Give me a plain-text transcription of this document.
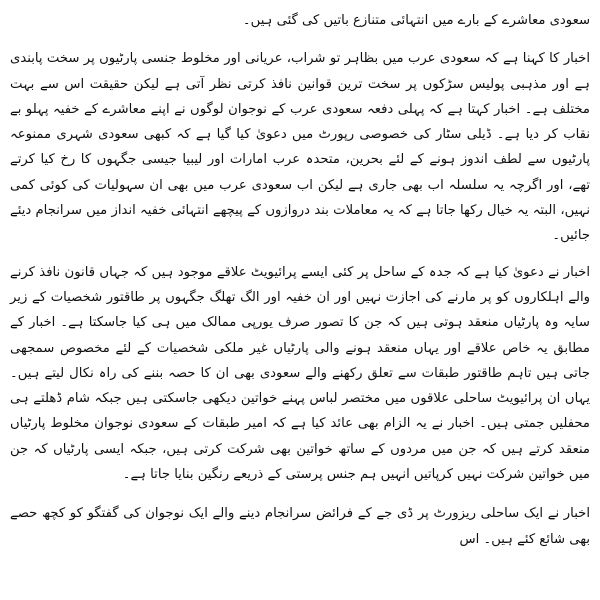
سعودی معاشرے کے بارے میں انتہائی متنازع باتیں کی گئی ہیں۔

اخبار کا کہنا ہے کہ سعودی عرب میں بظاہر تو شراب، عریانی اور مخلوط جنسی پارٹیوں پر سخت پابندی ہے اور مذہبی پولیس سڑکوں پر سخت ترین قوانین نافذ کرتی نظر آتی ہے لیکن حقیقت اس سے بہت مختلف ہے۔ اخبار کہتا ہے کہ پہلی دفعہ سعودی عرب کے نوجوان لوگوں نے اپنے معاشرے کے خفیہ پہلو بے نقاب کر دیا ہے۔ ڈیلی سٹار کی خصوصی رپورٹ میں دعویٰ کیا گیا ہے کہ کبھی سعودی شہری ممنوعہ پارٹیوں سے لطف اندوز ہونے کے لئے بحرین، متحدہ عرب امارات اور لیبیا جیسی جگہوں کا رخ کیا کرتے تھے، اور اگرچہ یہ سلسلہ اب بھی جاری ہے لیکن اب سعودی عرب میں بھی ان سہولیات کی کوئی کمی نہیں، البتہ یہ خیال رکھا جاتا ہے کہ یہ معاملات بند دروازوں کے پیچھے انتہائی خفیہ انداز میں سرانجام دیئے جائیں۔

اخبار نے دعویٰ کیا ہے کہ جدہ کے ساحل پر کئی ایسے پرائیویٹ علاقے موجود ہیں کہ جہاں قانون نافذ کرنے والے اہلکاروں کو پر مارنے کی اجازت نہیں اور ان خفیہ اور الگ تھلگ جگہوں پر طاقتور شخصیات کے زیر سایہ وہ پارٹیاں منعقد ہوتی ہیں کہ جن کا تصور صرف یورپی ممالک میں ہی کیا جاسکتا ہے۔ اخبار کے مطابق یہ خاص علاقے اور یہاں منعقد ہونے والی پارٹیاں غیر ملکی شخصیات کے لئے مخصوص سمجھی جاتی ہیں تاہم طاقتور طبقات سے تعلق رکھنے والے سعودی بھی ان کا حصہ بننے کی راہ نکال لیتے ہیں۔ یہاں ان پرائیویٹ ساحلی علاقوں میں مختصر لباس پہنے خواتین دیکھی جاسکتی ہیں جبکہ شام ڈھلتے ہی محفلیں جمتی ہیں۔ اخبار نے یہ الزام بھی عائد کیا ہے کہ امیر طبقات کے سعودی نوجوان مخلوط پارٹیاں منعقد کرتے ہیں کہ جن میں مردوں کے ساتھ خواتین بھی شرکت کرتی ہیں، جبکہ ایسی پارٹیاں کہ جن میں خواتین شرکت نہیں کرپاتیں انہیں ہم جنس پرستی کے ذریعے رنگین بنایا جاتا ہے۔

اخبار نے ایک ساحلی ریزورٹ پر ڈی جے کے فرائض سرانجام دینے والے ایک نوجوان کی گفتگو کو کچھ حصے بھی شائع کئے ہیں۔ اس
